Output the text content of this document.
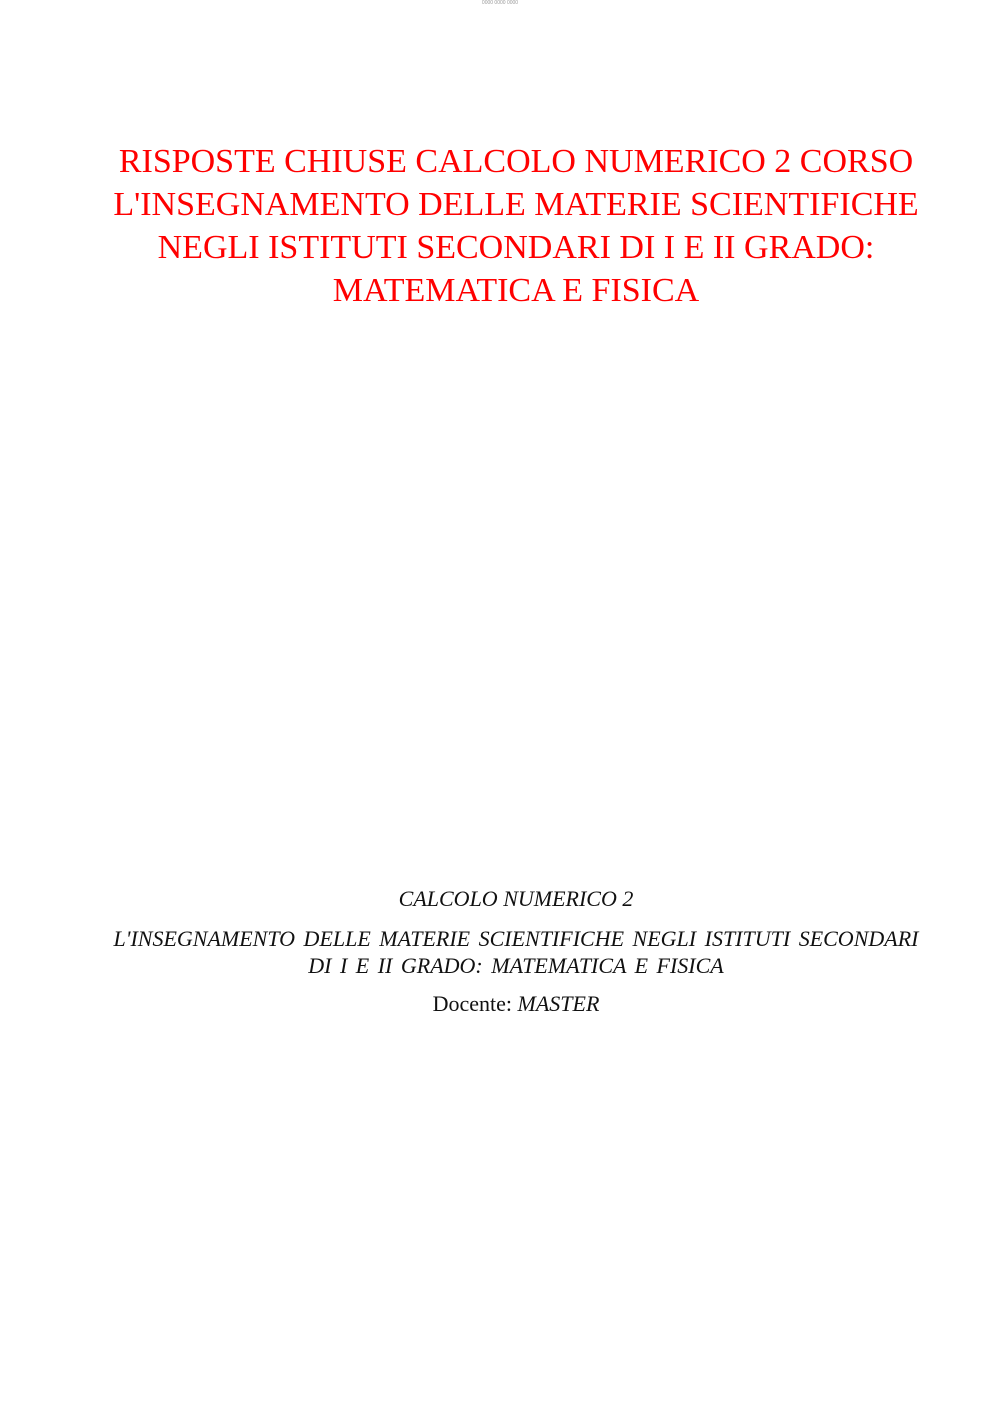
0000 0000 0000
RISPOSTE CHIUSE CALCOLO NUMERICO 2 CORSO L'INSEGNAMENTO DELLE MATERIE SCIENTIFICHE NEGLI ISTITUTI SECONDARI DI I E II GRADO: MATEMATICA E FISICA

CALCOLO NUMERICO 2

L'INSEGNAMENTO DELLE MATERIE SCIENTIFICHE NEGLI ISTITUTI SECONDARI DI I E II GRADO: MATEMATICA E FISICA

Docente: MASTER
